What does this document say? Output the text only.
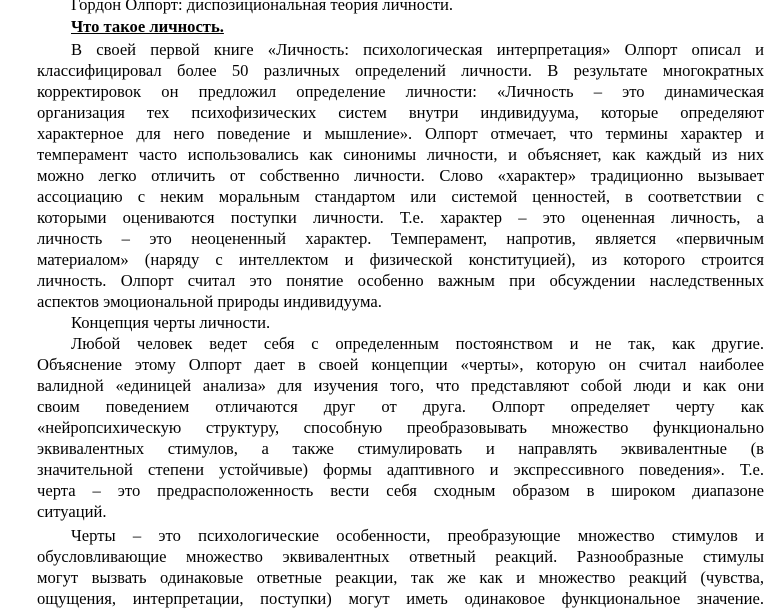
Гордон Олпорт: диспозициональная теория личности.
Что такое личность.
В своей первой книге «Личность: психологическая интерпретация» Олпорт описал и
классифицировал более 50 различных определений личности. В результате многократных
корректировок он предложил определение личности: «Личность – это динамическая
организация тех психофизических систем внутри индивидуума, которые определяют
характерное для него поведение и мышление». Олпорт отмечает, что термины характер и
темперамент часто использовались как синонимы личности, и объясняет, как каждый из них
можно легко отличить от собственно личности. Слово «характер» традиционно вызывает
ассоциацию с неким моральным стандартом или системой ценностей, в соответствии с
которыми оцениваются поступки личности. Т.е. характер – это оцененная личность, а
личность – это неоцененный характер. Темперамент, напротив, является «первичным
материалом» (наряду с интеллектом и физической конституцией), из которого строится
личность. Олпорт считал это понятие особенно важным при обсуждении наследственных
аспектов эмоциональной природы индивидуума.
Концепция черты личности.
Любой человек ведет себя с определенным постоянством и не так, как другие.
Объяснение этому Олпорт дает в своей концепции «черты», которую он считал наиболее
валидной «единицей анализа» для изучения того, что представляют собой люди и как они
своим поведением отличаются друг от друга. Олпорт определяет черту как
«нейропсихическую структуру, способную преобразовывать множество функционально
эквивалентных стимулов, а также стимулировать и направлять эквивалентные (в
значительной степени устойчивые) формы адаптивного и экспрессивного поведения». Т.е.
черта – это предрасположенность вести себя сходным образом в широком диапазоне
ситуаций.
Черты – это психологические особенности, преобразующие множество стимулов и
обусловливающие множество эквивалентных ответный реакций. Разнообразные стимулы
могут вызвать одинаковые ответные реакции, так же как и множество реакций (чувства,
ощущения, интерпретации, поступки) могут иметь одинаковое функциональное значение.
